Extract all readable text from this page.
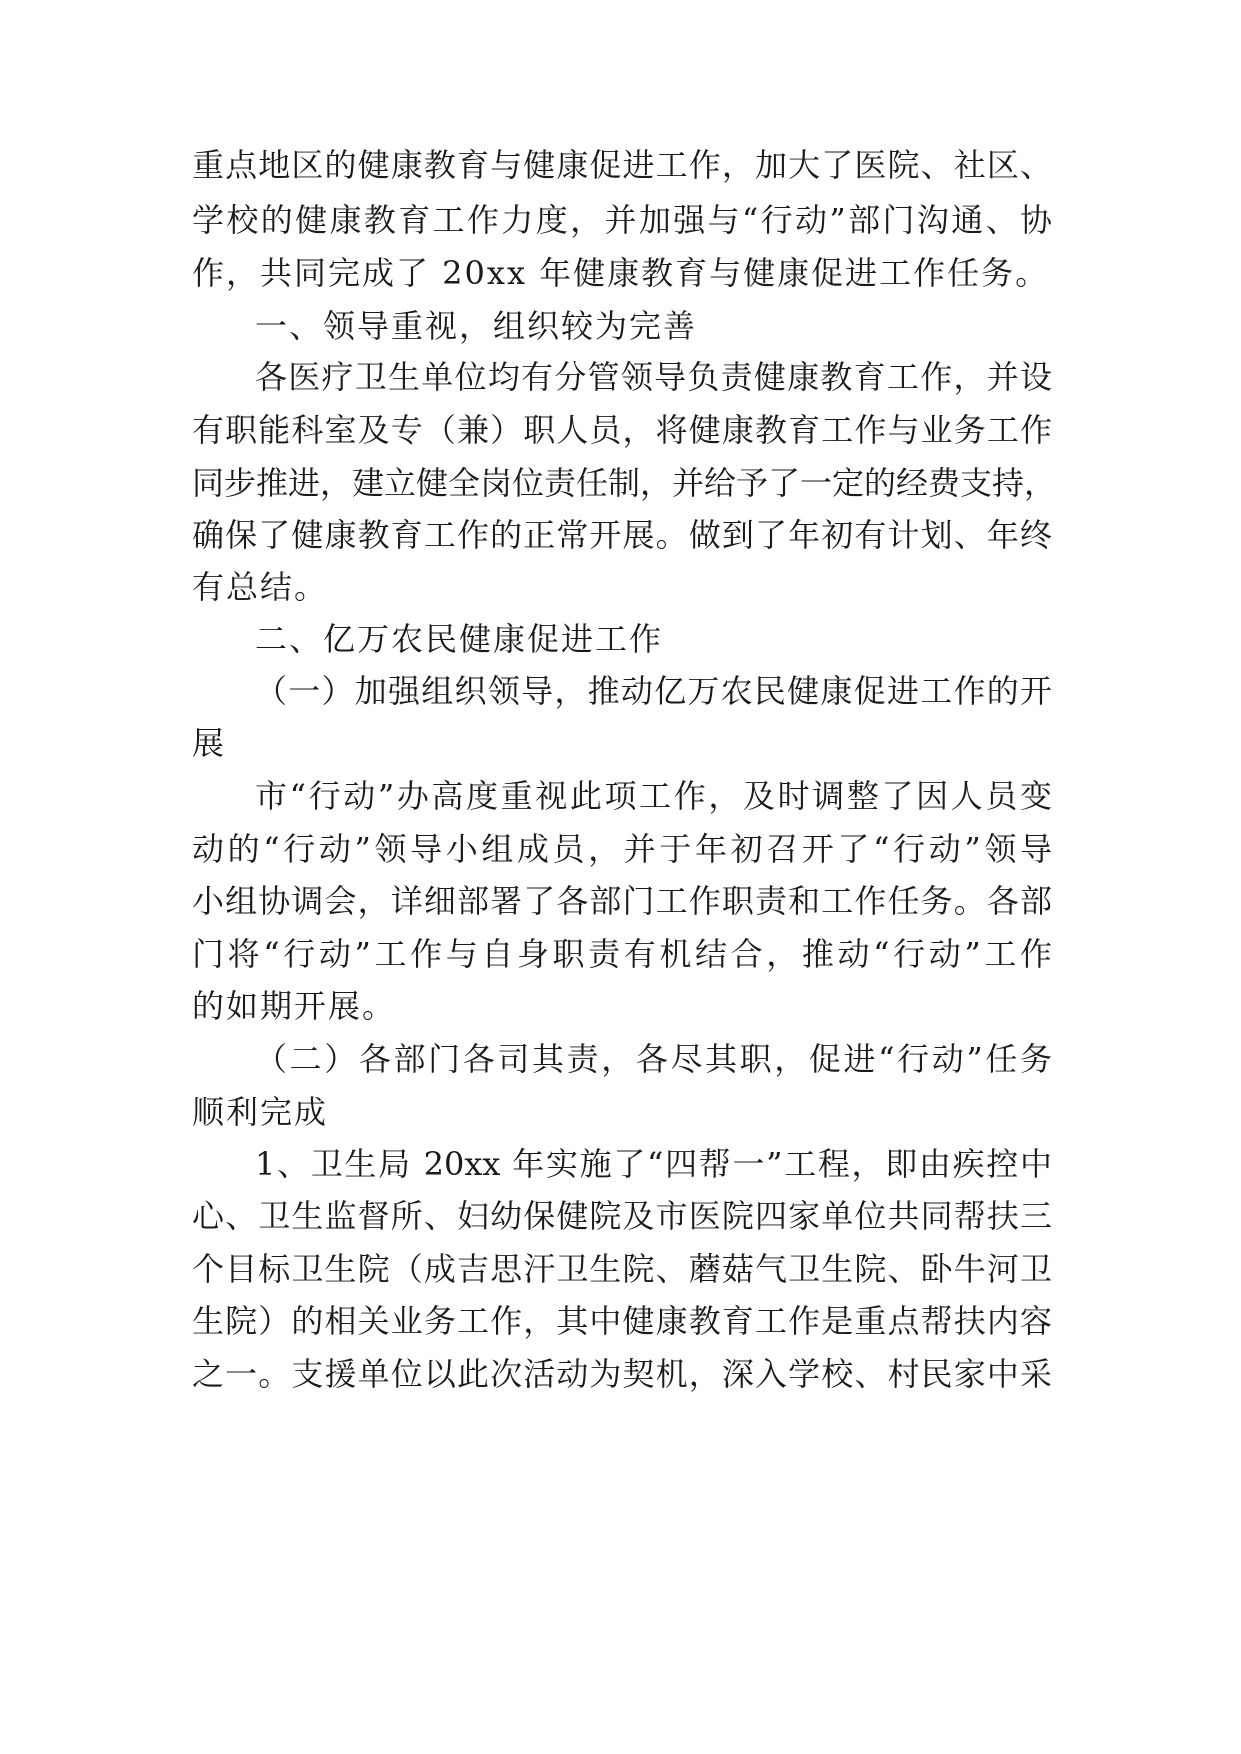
重点地区的健康教育与健康促进工作，加大了医院、社区、
学校的健康教育工作力度，并加强与“行动”部门沟通、协
作，共同完成了 20xx 年健康教育与健康促进工作任务。
一、领导重视，组织较为完善
各医疗卫生单位均有分管领导负责健康教育工作，并设
有职能科室及专（兼）职人员，将健康教育工作与业务工作
同步推进，建立健全岗位责任制，并给予了一定的经费支持，
确保了健康教育工作的正常开展。做到了年初有计划、年终
有总结。
二、亿万农民健康促进工作
（一）加强组织领导，推动亿万农民健康促进工作的开
展
市“行动”办高度重视此项工作，及时调整了因人员变
动的“行动”领导小组成员，并于年初召开了“行动”领导
小组协调会，详细部署了各部门工作职责和工作任务。各部
门将“行动”工作与自身职责有机结合，推动“行动”工作
的如期开展。
（二）各部门各司其责，各尽其职，促进“行动”任务
顺利完成
1、卫生局 20xx 年实施了“四帮一”工程，即由疾控中
心、卫生监督所、妇幼保健院及市医院四家单位共同帮扶三
个目标卫生院（成吉思汗卫生院、蘑菇气卫生院、卧牛河卫
生院）的相关业务工作，其中健康教育工作是重点帮扶内容
之一。支援单位以此次活动为契机，深入学校、村民家中采
